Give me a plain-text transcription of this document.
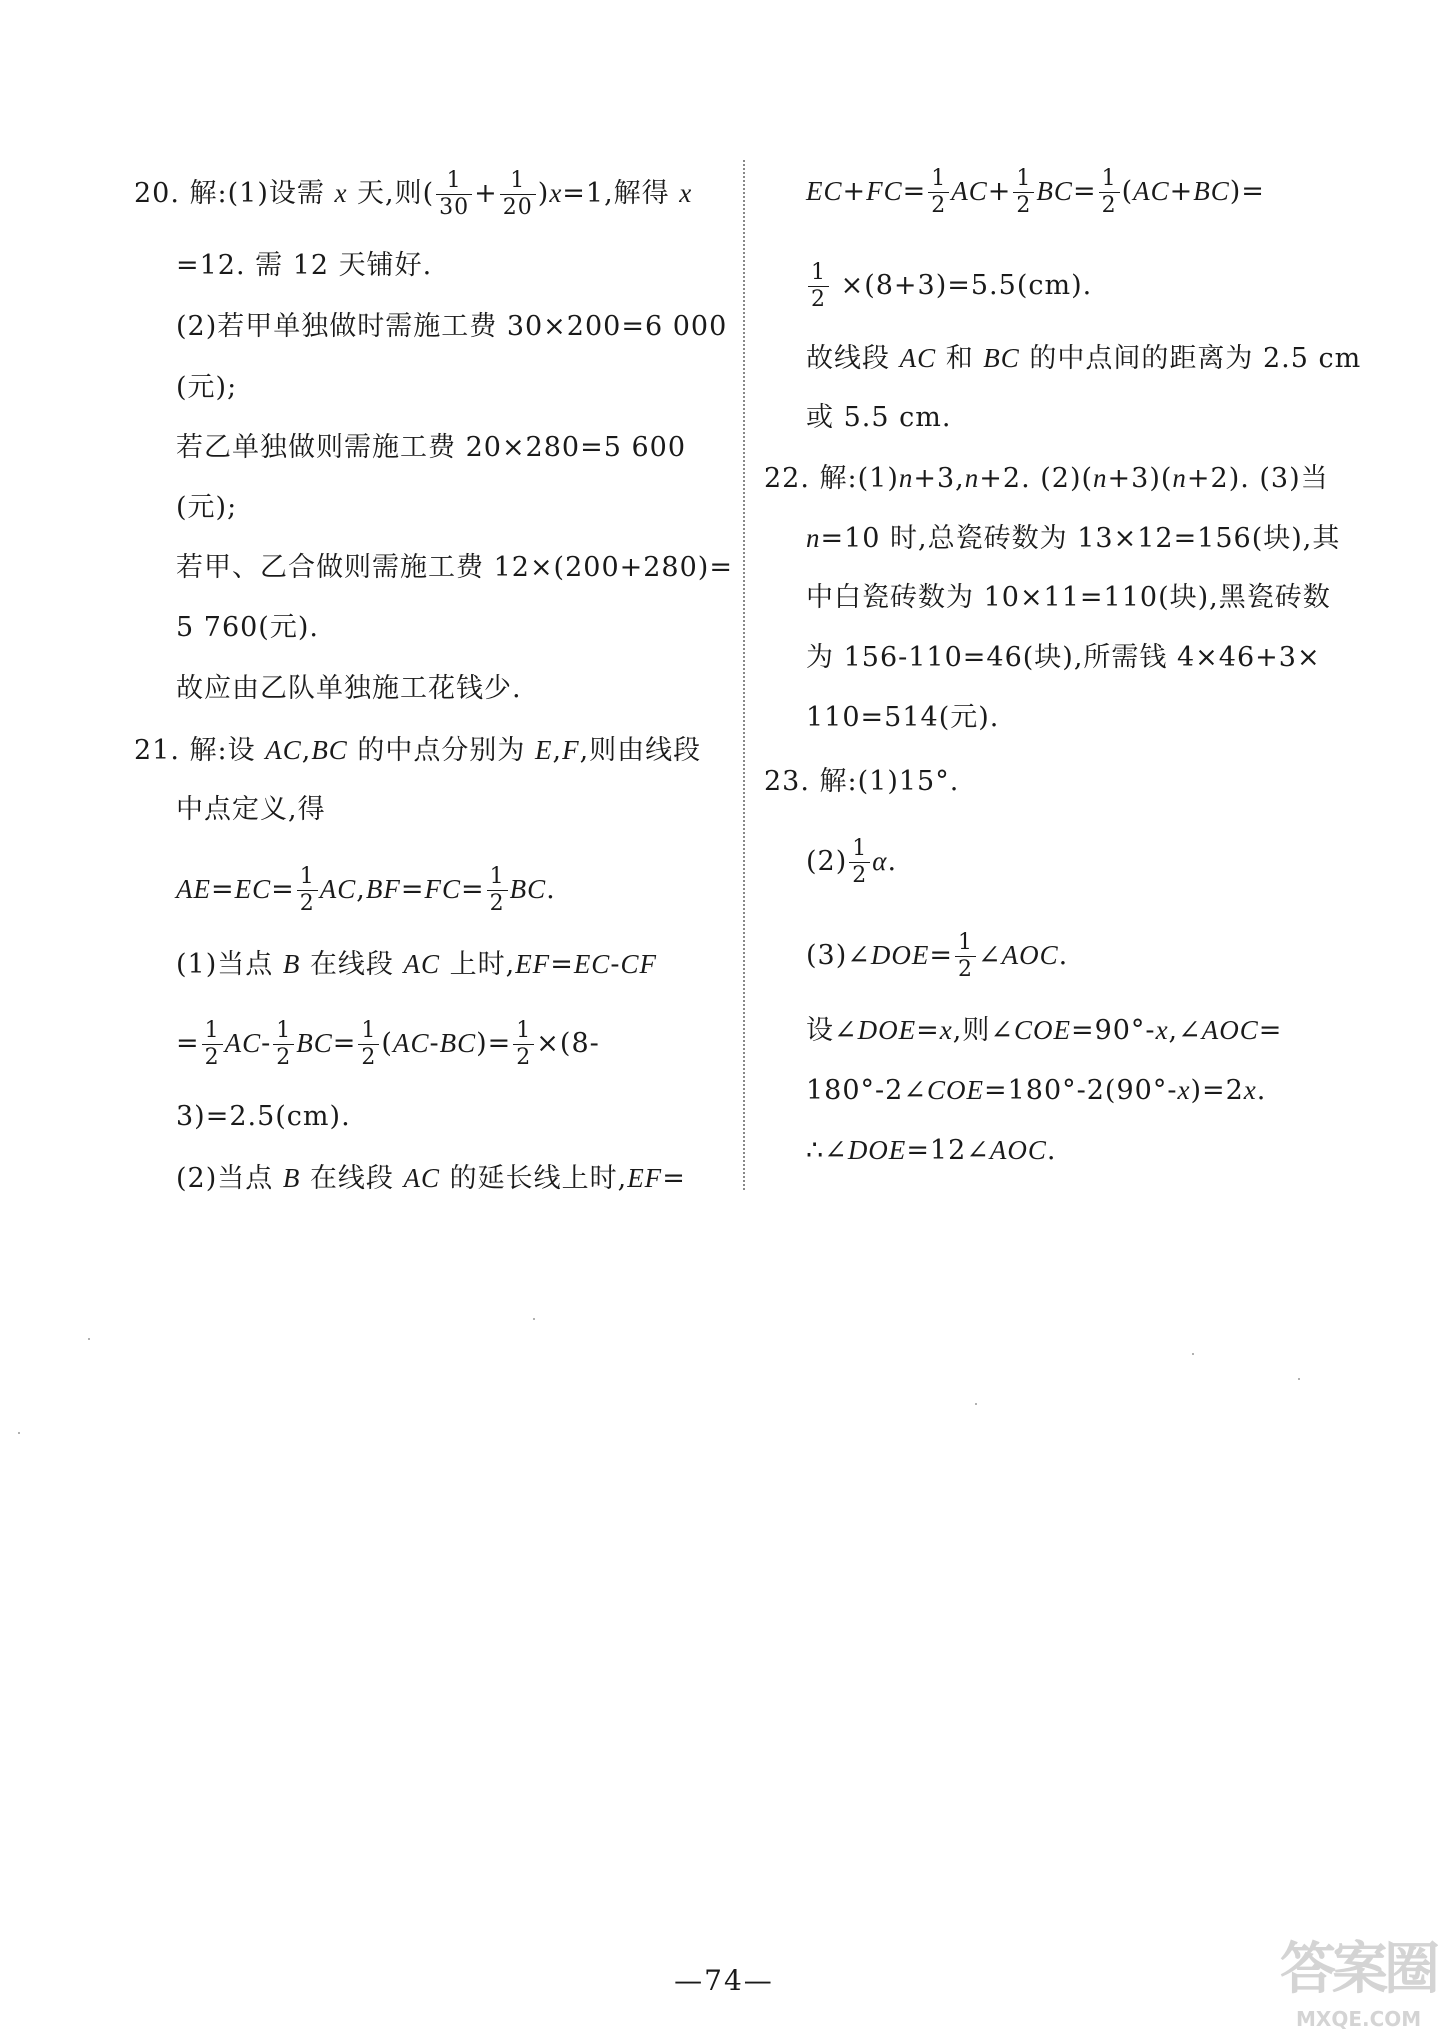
20. 解:(1)设需 x 天,则( $\frac{1}{30} + \frac{1}{20} )x=1$,解得 x
=12. 需 12 天铺好.
(2)若甲单独做时需施工费 30×200=6 000
(元);
若乙单独做则需施工费 20×280=5 600
(元);
若甲、乙合做则需施工费 12×(200+280)=
5 760(元).
故应由乙队单独施工花钱少.
21. 解:设 AC,BC 的中点分别为 E,F,则由线段
中点定义,得
$AE=EC= \frac{1}{2} AC,BF=FC= \frac{1}{2}$ BC.
(1)当点 B 在线段 AC 上时,EF=EC-CF
= $\frac{1}{2} AC- \frac{1}{2} BC= \frac{1}{2} (AC-BC)= \frac{1}{2} \times(8-$
3)=2.5(cm).
(2)当点 B 在线段 AC 的延长线上时,EF=
$EC+FC= \frac{1}{2} AC+ \frac{1}{2} BC= \frac{1}{2} (AC+BC)=$
$\frac{1}{2} \times(8+3)=5.5(cm)$.
故线段 AC 和 BC 的中点间的距离为 2.5 cm
或 5.5 cm.
22. 解:(1)n+3,n+2. (2)(n+3)(n+2). (3)当
n=10 时,总瓷砖数为 13×12=156(块),其
中白瓷砖数为 10×11=110(块),黑瓷砖数
为 156-110=46(块),所需钱 4×46+3×
110=514(元).
23. 解:(1)15°.
$(2) \frac{1}{2} \alpha$.
(3)∠DOE= $\frac{1}{2}$ ∠AOC.
设∠DOE=x,则∠COE=90°-x,∠AOC=
180°-2∠COE=180°-2(90°-x)=2x.
∴∠DOE=12∠AOC.
—74—	答案圈
MXQE.COM
